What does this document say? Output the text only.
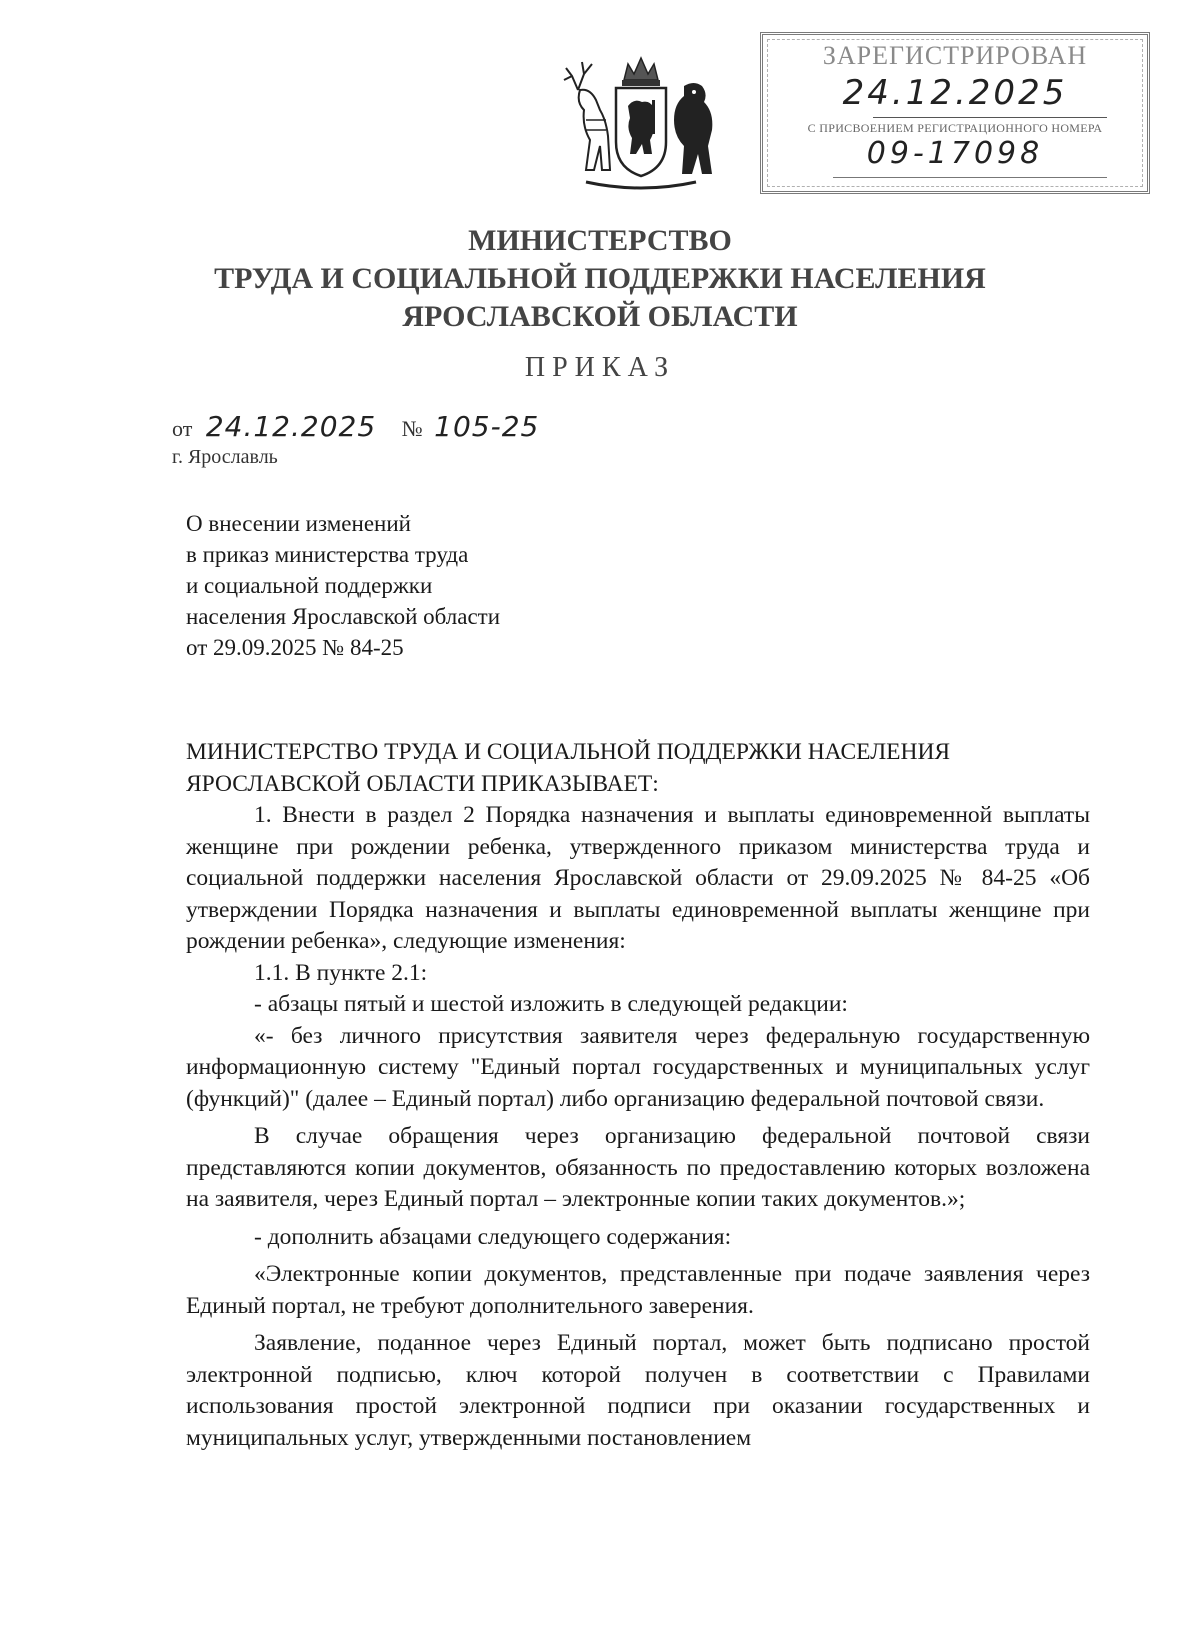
ЗАРЕГИСТРИРОВАН
24.12.2025
С ПРИСВОЕНИЕМ РЕГИСТРАЦИОННОГО НОМЕРА
09-17098
МИНИСТЕРСТВО
ТРУДА И СОЦИАЛЬНОЙ ПОДДЕРЖКИ НАСЕЛЕНИЯ
ЯРОСЛАВСКОЙ ОБЛАСТИ
ПРИКАЗ
от 24.12.2025 № 105-25
г. Ярославль
О внесении изменений
в приказ министерства труда
и социальной поддержки
населения Ярославской области
от 29.09.2025 № 84-25

МИНИСТЕРСТВО ТРУДА И СОЦИАЛЬНОЙ ПОДДЕРЖКИ НАСЕЛЕНИЯ ЯРОСЛАВСКОЙ ОБЛАСТИ ПРИКАЗЫВАЕТ:

1. Внести в раздел 2 Порядка назначения и выплаты единовременной выплаты женщине при рождении ребенка, утвержденного приказом министерства труда и социальной поддержки населения Ярославской области от 29.09.2025 № 84-25 «Об утверждении Порядка назначения и выплаты единовременной выплаты женщине при рождении ребенка», следующие изменения:

1.1. В пункте 2.1:

- абзацы пятый и шестой изложить в следующей редакции:

«- без личного присутствия заявителя через федеральную государственную информационную систему "Единый портал государственных и муниципальных услуг (функций)" (далее – Единый портал) либо организацию федеральной почтовой связи.

В случае обращения через организацию федеральной почтовой связи представляются копии документов, обязанность по предоставлению которых возложена на заявителя, через Единый портал – электронные копии таких документов.»;

- дополнить абзацами следующего содержания:

«Электронные копии документов, представленные при подаче заявления через Единый портал, не требуют дополнительного заверения.

Заявление, поданное через Единый портал, может быть подписано простой электронной подписью, ключ которой получен в соответствии с Правилами использования простой электронной подписи при оказании государственных и муниципальных услуг, утвержденными постановлением
